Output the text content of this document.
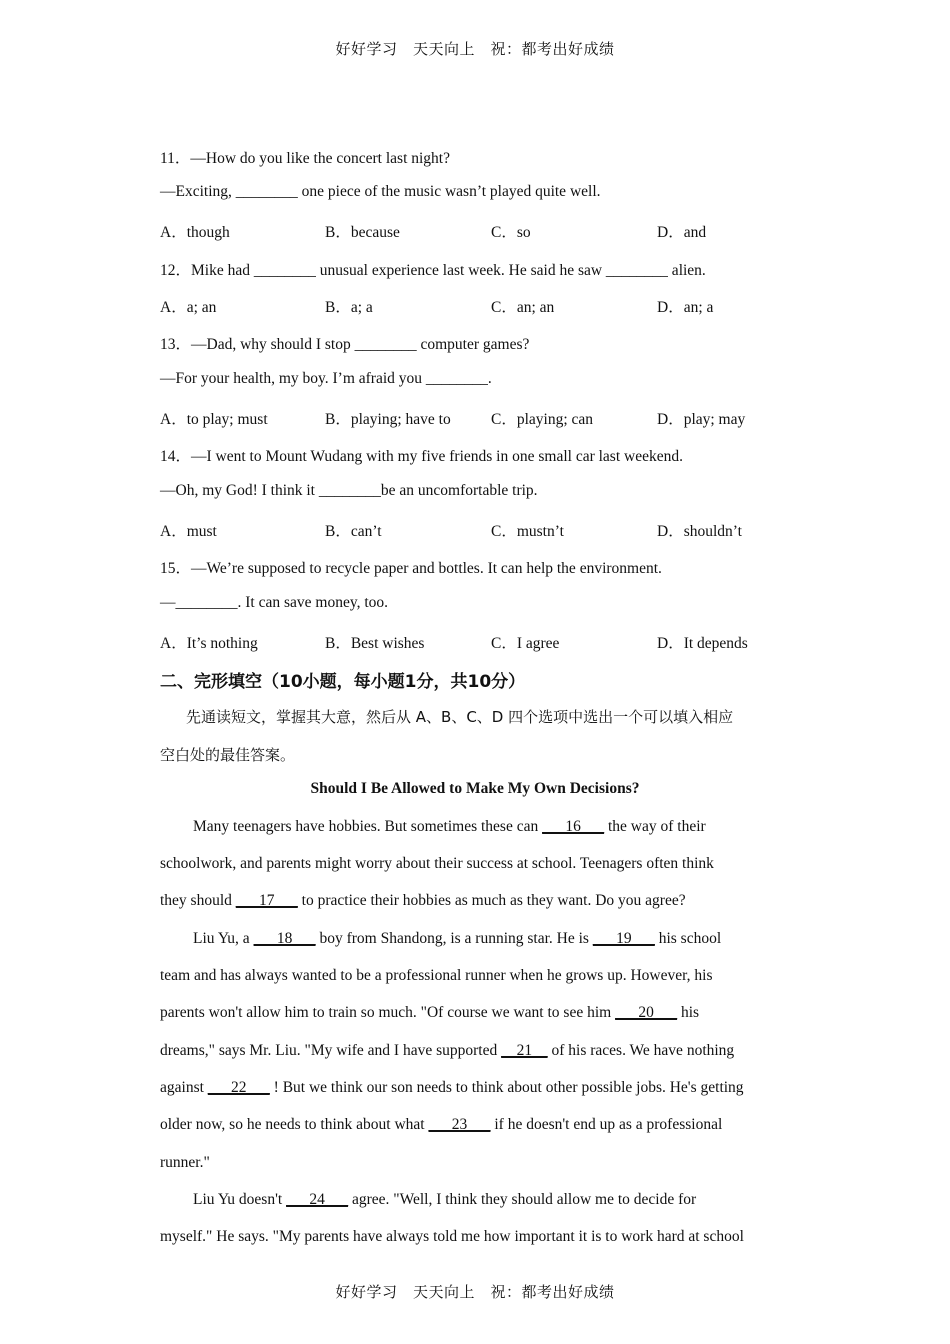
好好学习　天天向上　祝：都考出好成绩
11．—How do you like the concert last night?
—Exciting, ________ one piece of the music wasn’t played quite well.
A．though	B．because	C．so	D．and
12．Mike had ________ unusual experience last week. He said he saw ________ alien.
A．a; an	B．a; a	C．an; an	D．an; a
13．—Dad, why should I stop ________ computer games?
—For your health, my boy. I’m afraid you ________.
A．to play; must	B．playing; have to	C．playing; can	D．play; may
14．—I went to Mount Wudang with my five friends in one small car last weekend.
—Oh, my God! I think it ________be an uncomfortable trip.
A．must	B．can’t	C．mustn’t	D．shouldn’t
15．—We’re supposed to recycle paper and bottles. It can help the environment.
—________. It can save money, too.
A．It’s nothing	B．Best wishes	C．I agree	D．It depends
二、完形填空（10小题，每小题1分，共10分）
先通读短文，掌握其大意，然后从 A、B、C、D 四个选项中选出一个可以填入相应
空白处的最佳答案。
Should I Be Allowed to Make My Own Decisions?
Many teenagers have hobbies. But sometimes these can ___16___ the way of their
schoolwork, and parents might worry about their success at school. Teenagers often think
they should ___17___ to practice their hobbies as much as they want. Do you agree?
Liu Yu, a ___18___ boy from Shandong, is a running star. He is ___19___ his school
team and has always wanted to be a professional runner when he grows up. However, his
parents won't allow him to train so much. "Of course we want to see him ___20___ his
dreams," says Mr. Liu. "My wife and I have supported __21__ of his races. We have nothing
against ___22___ ! But we think our son needs to think about other possible jobs. He's getting
older now, so he needs to think about what ___23___ if he doesn't end up as a professional
runner."
Liu Yu doesn't ___24___ agree. "Well, I think they should allow me to decide for
myself." He says. "My parents have always told me how important it is to work hard at school
好好学习　天天向上　祝：都考出好成绩
